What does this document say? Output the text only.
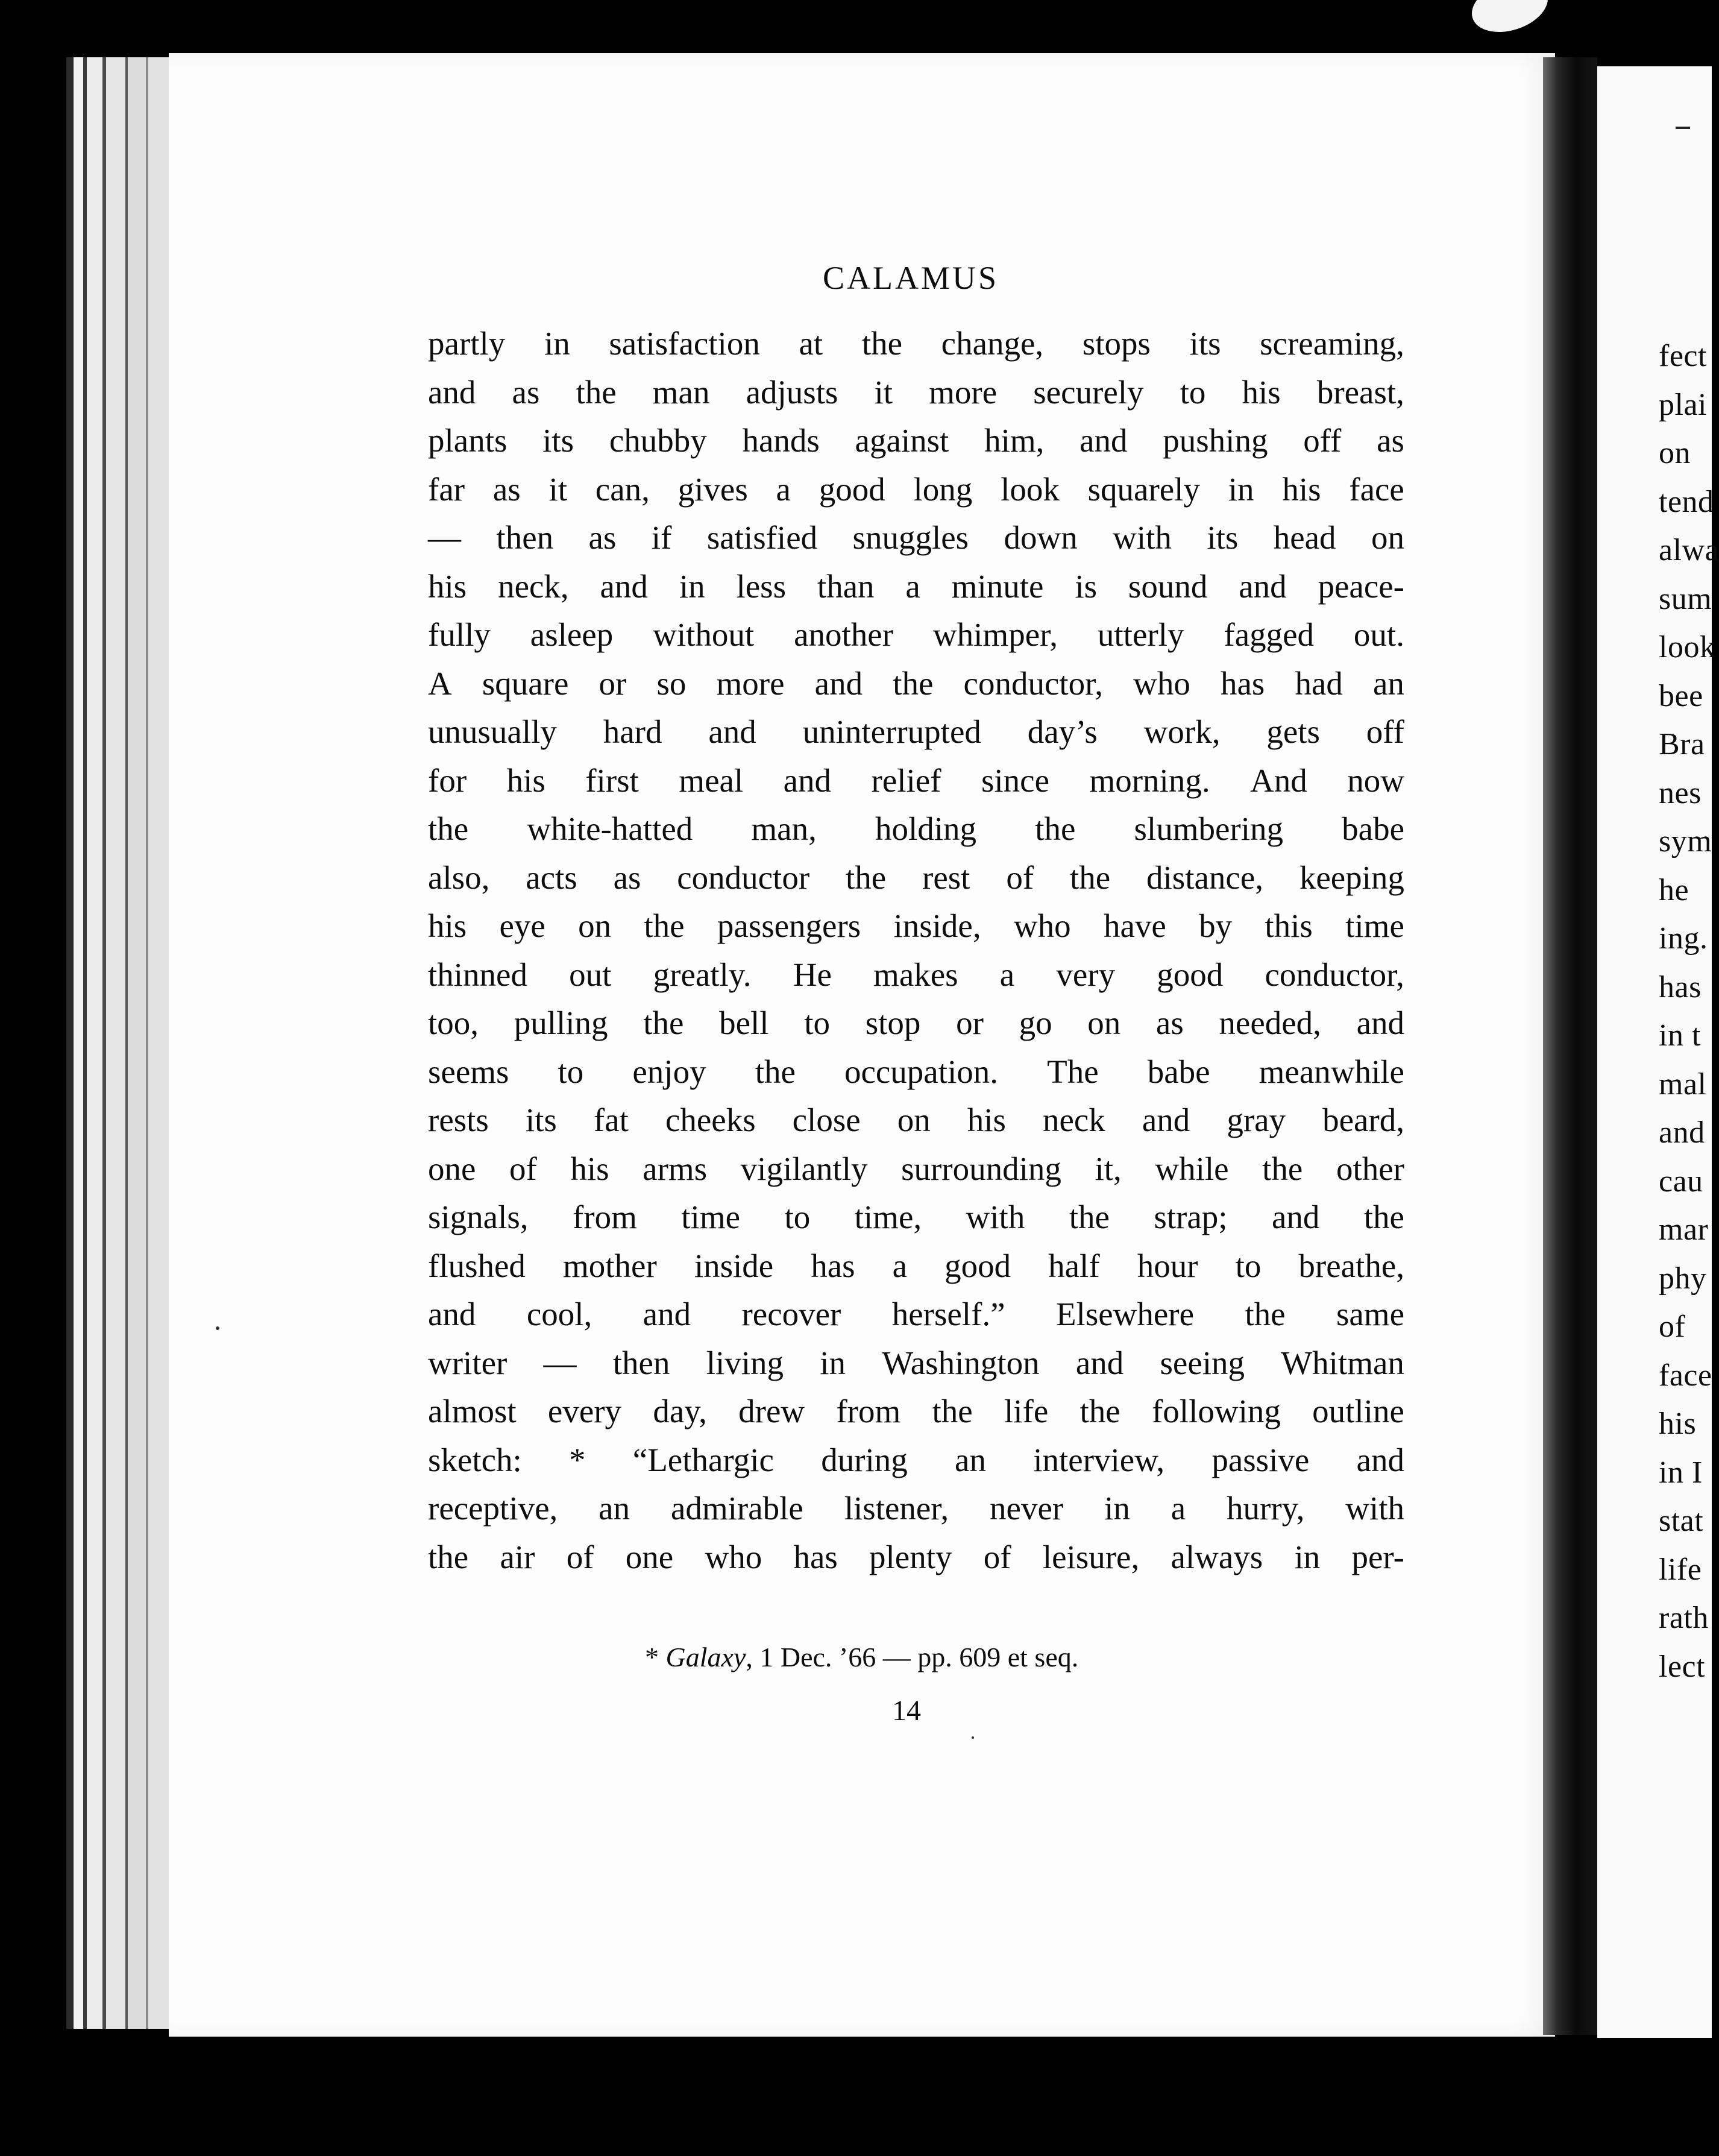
CALAMUS
partly in satisfaction at the change, stops its screaming,
and as the man adjusts it more securely to his breast,
plants its chubby hands against him, and pushing off as
far as it can, gives a good long look squarely in his face
— then as if satisfied snuggles down with its head on
his neck, and in less than a minute is sound and peace-
fully asleep without another whimper, utterly fagged out.
A square or so more and the conductor, who has had an
unusually hard and uninterrupted day’s work, gets off
for his first meal and relief since morning. And now
the white-hatted man, holding the slumbering babe
also, acts as conductor the rest of the distance, keeping
his eye on the passengers inside, who have by this time
thinned out greatly. He makes a very good conductor,
too, pulling the bell to stop or go on as needed, and
seems to enjoy the occupation. The babe meanwhile
rests its fat cheeks close on his neck and gray beard,
one of his arms vigilantly surrounding it, while the other
signals, from time to time, with the strap; and the
flushed mother inside has a good half hour to breathe,
and cool, and recover herself.” Elsewhere the same
writer — then living in Washington and seeing Whitman
almost every day, drew from the life the following outline
sketch: * “Lethargic during an interview, passive and
receptive, an admirable listener, never in a hurry, with
the air of one who has plenty of leisure, always in per-
* Galaxy, 1 Dec. ’66 — pp. 609 et seq.
14
fect
plai
on
tend
alwa
sum
look
bee
Bra
nes
sym
he
ing.
has
in t
mal
and
cau
mar
phy
of
face
his
in I
stat
life
rath
lect
